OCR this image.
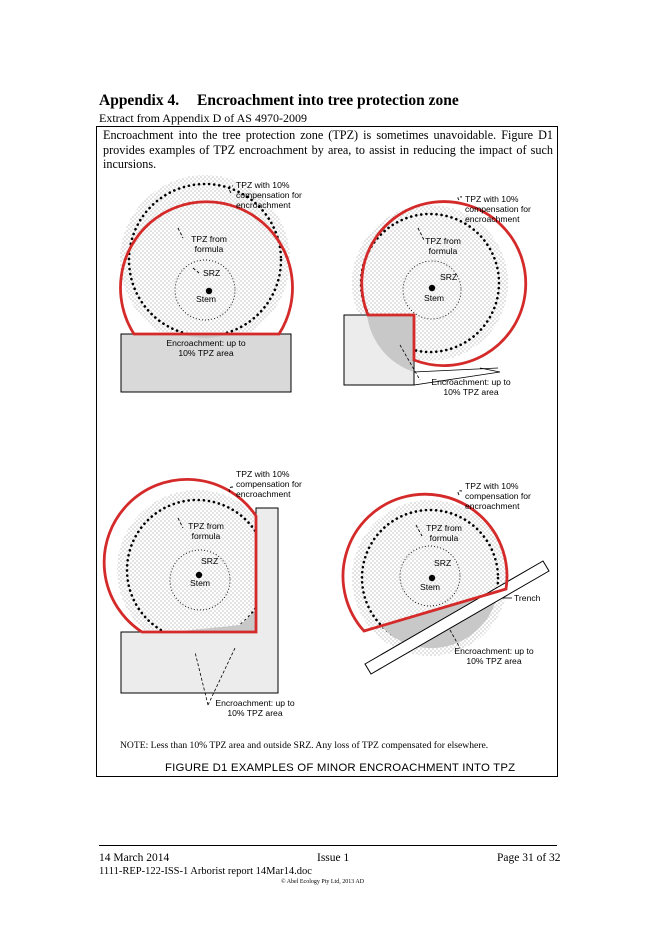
Appendix 4. Encroachment into tree protection zone
Extract from Appendix D of AS 4970-2009
Encroachment into the tree protection zone (TPZ) is sometimes unavoidable. Figure D1 provides examples of TPZ encroachment by area, to assist in reducing the impact of such incursions.
TPZ with 10%
compensation for
encroachment
TPZ from
formula
SRZ
Stem
Encroachment: up to
10% TPZ area
TPZ with 10%
compensation for
encroachment
TPZ from
formula
SRZ
Stem
Encroachment: up to
10% TPZ area
TPZ with 10%
compensation for
encroachment
TPZ from
formula
SRZ
Stem
Encroachment: up to
10% TPZ area
TPZ with 10%
compensation for
encroachment
TPZ from
formula
SRZ
Stem
Trench
Encroachment: up to
10% TPZ area
NOTE: Less than 10% TPZ area and outside SRZ. Any loss of TPZ compensated for elsewhere.
FIGURE D1 EXAMPLES OF MINOR ENCROACHMENT INTO TPZ
14 March 2014	Issue 1	Page 31 of 32
1111-REP-122-ISS-1 Arborist report 14Mar14.doc
© Abel Ecology Pty Ltd, 2013 AD
